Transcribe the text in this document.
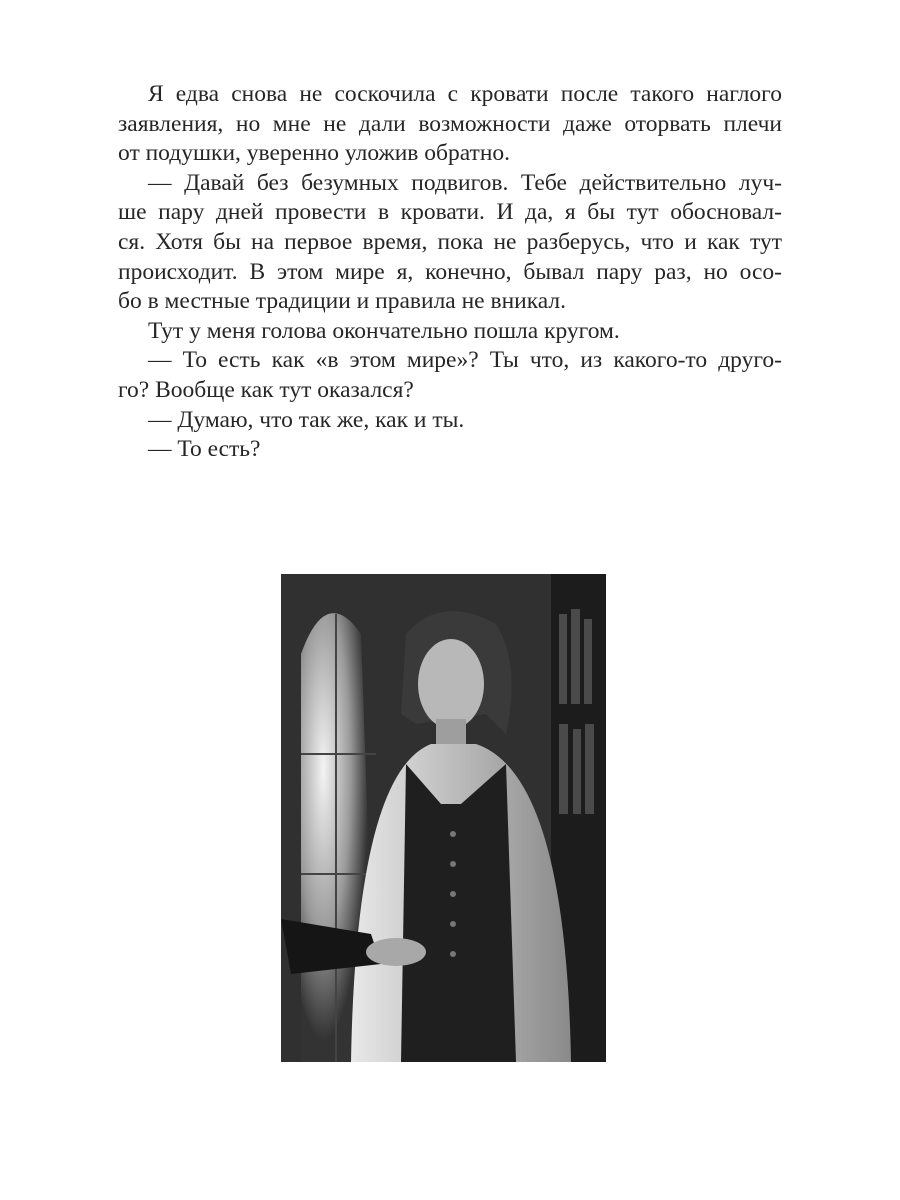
Я едва снова не соскочила с кровати после такого наглого
заявления, но мне не дали возможности даже оторвать плечи
от подушки, уверенно уложив обратно.
— Давай без безумных подвигов. Тебе действительно луч-
ше пару дней провести в кровати. И да, я бы тут обосновал-
ся. Хотя бы на первое время, пока не разберусь, что и как тут
происходит. В этом мире я, конечно, бывал пару раз, но осо-
бо в местные традиции и правила не вникал.
Тут у меня голова окончательно пошла кругом.
— То есть как «в этом мире»? Ты что, из какого-то друго-
го? Вообще как тут оказался?
— Думаю, что так же, как и ты.
— То есть?
